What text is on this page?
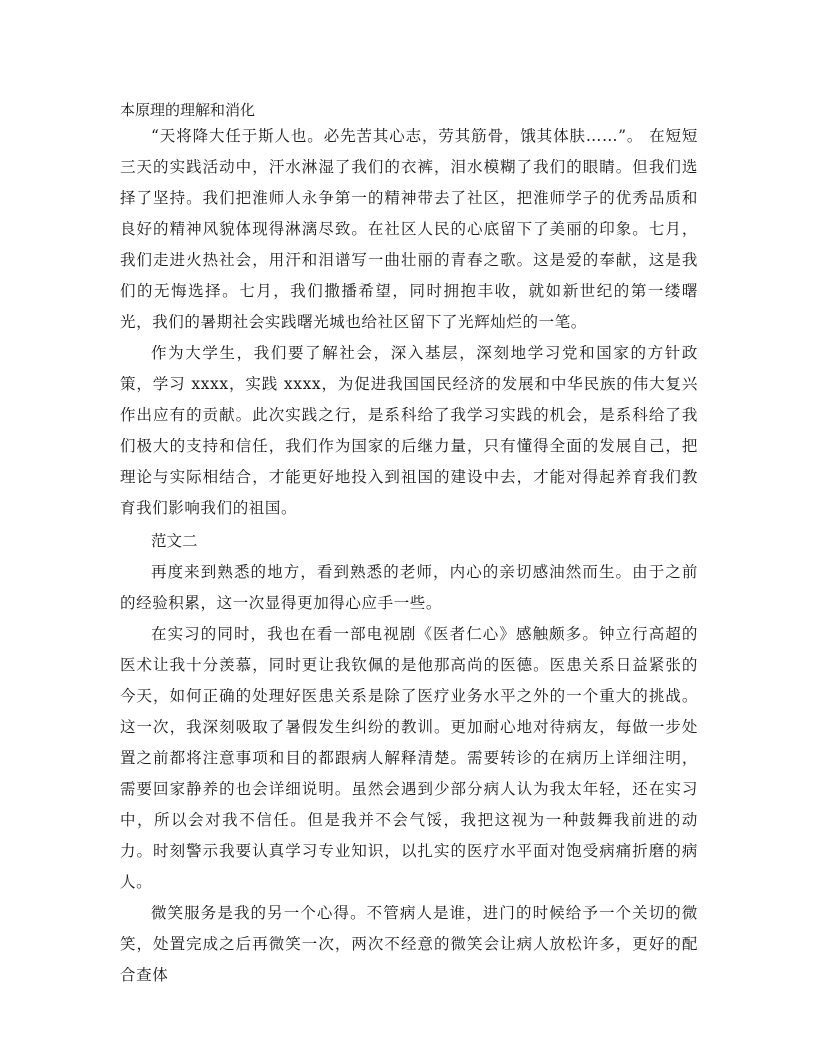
本原理的理解和消化

“天将降大任于斯人也。必先苦其心志，劳其筋骨，饿其体肤……”。 在短短三天的实践活动中，汗水淋湿了我们的衣裤，泪水模糊了我们的眼睛。但我们选择了坚持。我们把淮师人永争第一的精神带去了社区，把淮师学子的优秀品质和良好的精神风貌体现得淋漓尽致。在社区人民的心底留下了美丽的印象。七月，我们走进火热社会，用汗和泪谱写一曲壮丽的青春之歌。这是爱的奉献，这是我们的无悔选择。七月，我们撒播希望，同时拥抱丰收，就如新世纪的第一缕曙光，我们的暑期社会实践曙光城也给社区留下了光辉灿烂的一笔。

作为大学生，我们要了解社会，深入基层，深刻地学习党和国家的方针政策，学习 xxxx，实践 xxxx，为促进我国国民经济的发展和中华民族的伟大复兴作出应有的贡献。此次实践之行，是系科给了我学习实践的机会，是系科给了我们极大的支持和信任，我们作为国家的后继力量，只有懂得全面的发展自己，把理论与实际相结合，才能更好地投入到祖国的建设中去，才能对得起养育我们教育我们影响我们的祖国。

范文二

再度来到熟悉的地方，看到熟悉的老师，内心的亲切感油然而生。由于之前的经验积累，这一次显得更加得心应手一些。

在实习的同时，我也在看一部电视剧《医者仁心》感触颇多。钟立行高超的医术让我十分羡慕，同时更让我钦佩的是他那高尚的医德。医患关系日益紧张的今天，如何正确的处理好医患关系是除了医疗业务水平之外的一个重大的挑战。这一次，我深刻吸取了暑假发生纠纷的教训。更加耐心地对待病友，每做一步处置之前都将注意事项和目的都跟病人解释清楚。需要转诊的在病历上详细注明，需要回家静养的也会详细说明。虽然会遇到少部分病人认为我太年轻，还在实习中，所以会对我不信任。但是我并不会气馁，我把这视为一种鼓舞我前进的动力。时刻警示我要认真学习专业知识，以扎实的医疗水平面对饱受病痛折磨的病人。

微笑服务是我的另一个心得。不管病人是谁，进门的时候给予一个关切的微笑，处置完成之后再微笑一次，两次不经意的微笑会让病人放松许多，更好的配合查体
